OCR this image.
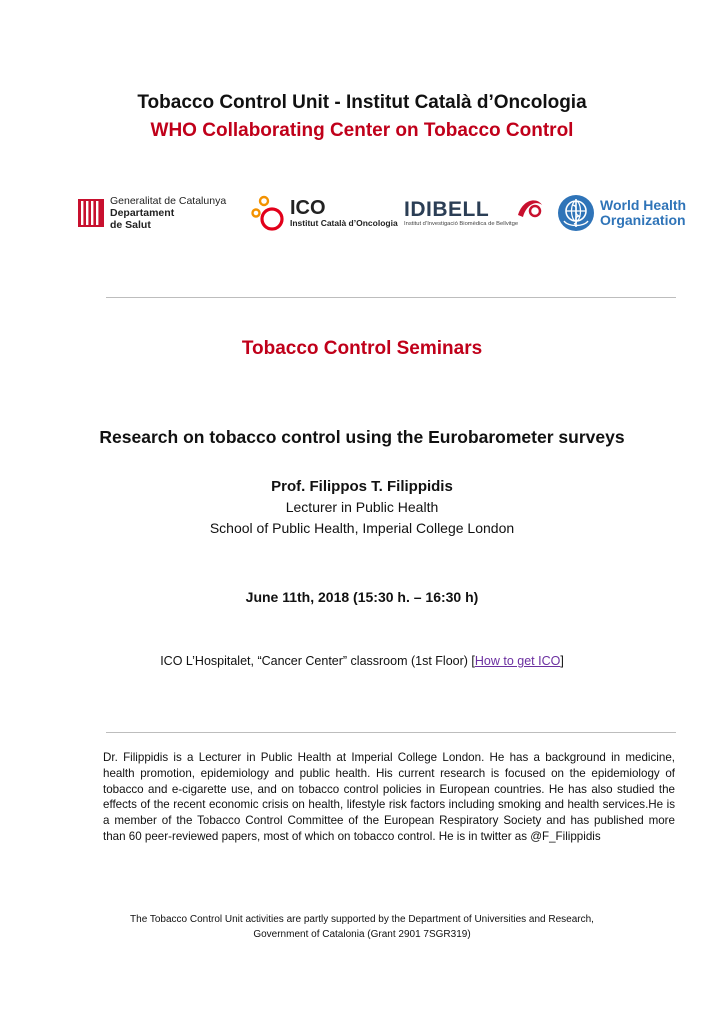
Tobacco Control Unit - Institut Català d’Oncologia
WHO Collaborating Center on Tobacco Control
Generalitat de Catalunya
Departament
de Salut
ICO
Institut Català d’Oncologia
IDIBELL
Institut d’Investigació Biomèdica de Bellvitge
World Health
Organization
Tobacco Control Seminars
Research on tobacco control using the Eurobarometer surveys
Prof. Filippos T. Filippidis
Lecturer in Public Health
School of Public Health, Imperial College London
June 11th, 2018 (15:30 h. – 16:30 h)
ICO L’Hospitalet, “Cancer Center” classroom (1st Floor) [How to get ICO]
Dr. Filippidis is a Lecturer in Public Health at Imperial College London. He has a background in medicine, health promotion, epidemiology and public health. His current research is focused on the epidemiology of tobacco and e-cigarette use, and on tobacco control policies in European countries. He has also studied the effects of the recent economic crisis on health, lifestyle risk factors including smoking and health services.He is a member of the Tobacco Control Committee of the European Respiratory Society and has published more than 60 peer-reviewed papers, most of which on tobacco control. He is in twitter as @F_Filippidis
The Tobacco Control Unit activities are partly supported by the Department of Universities and Research,
Government of Catalonia (Grant 2901 7SGR319)
